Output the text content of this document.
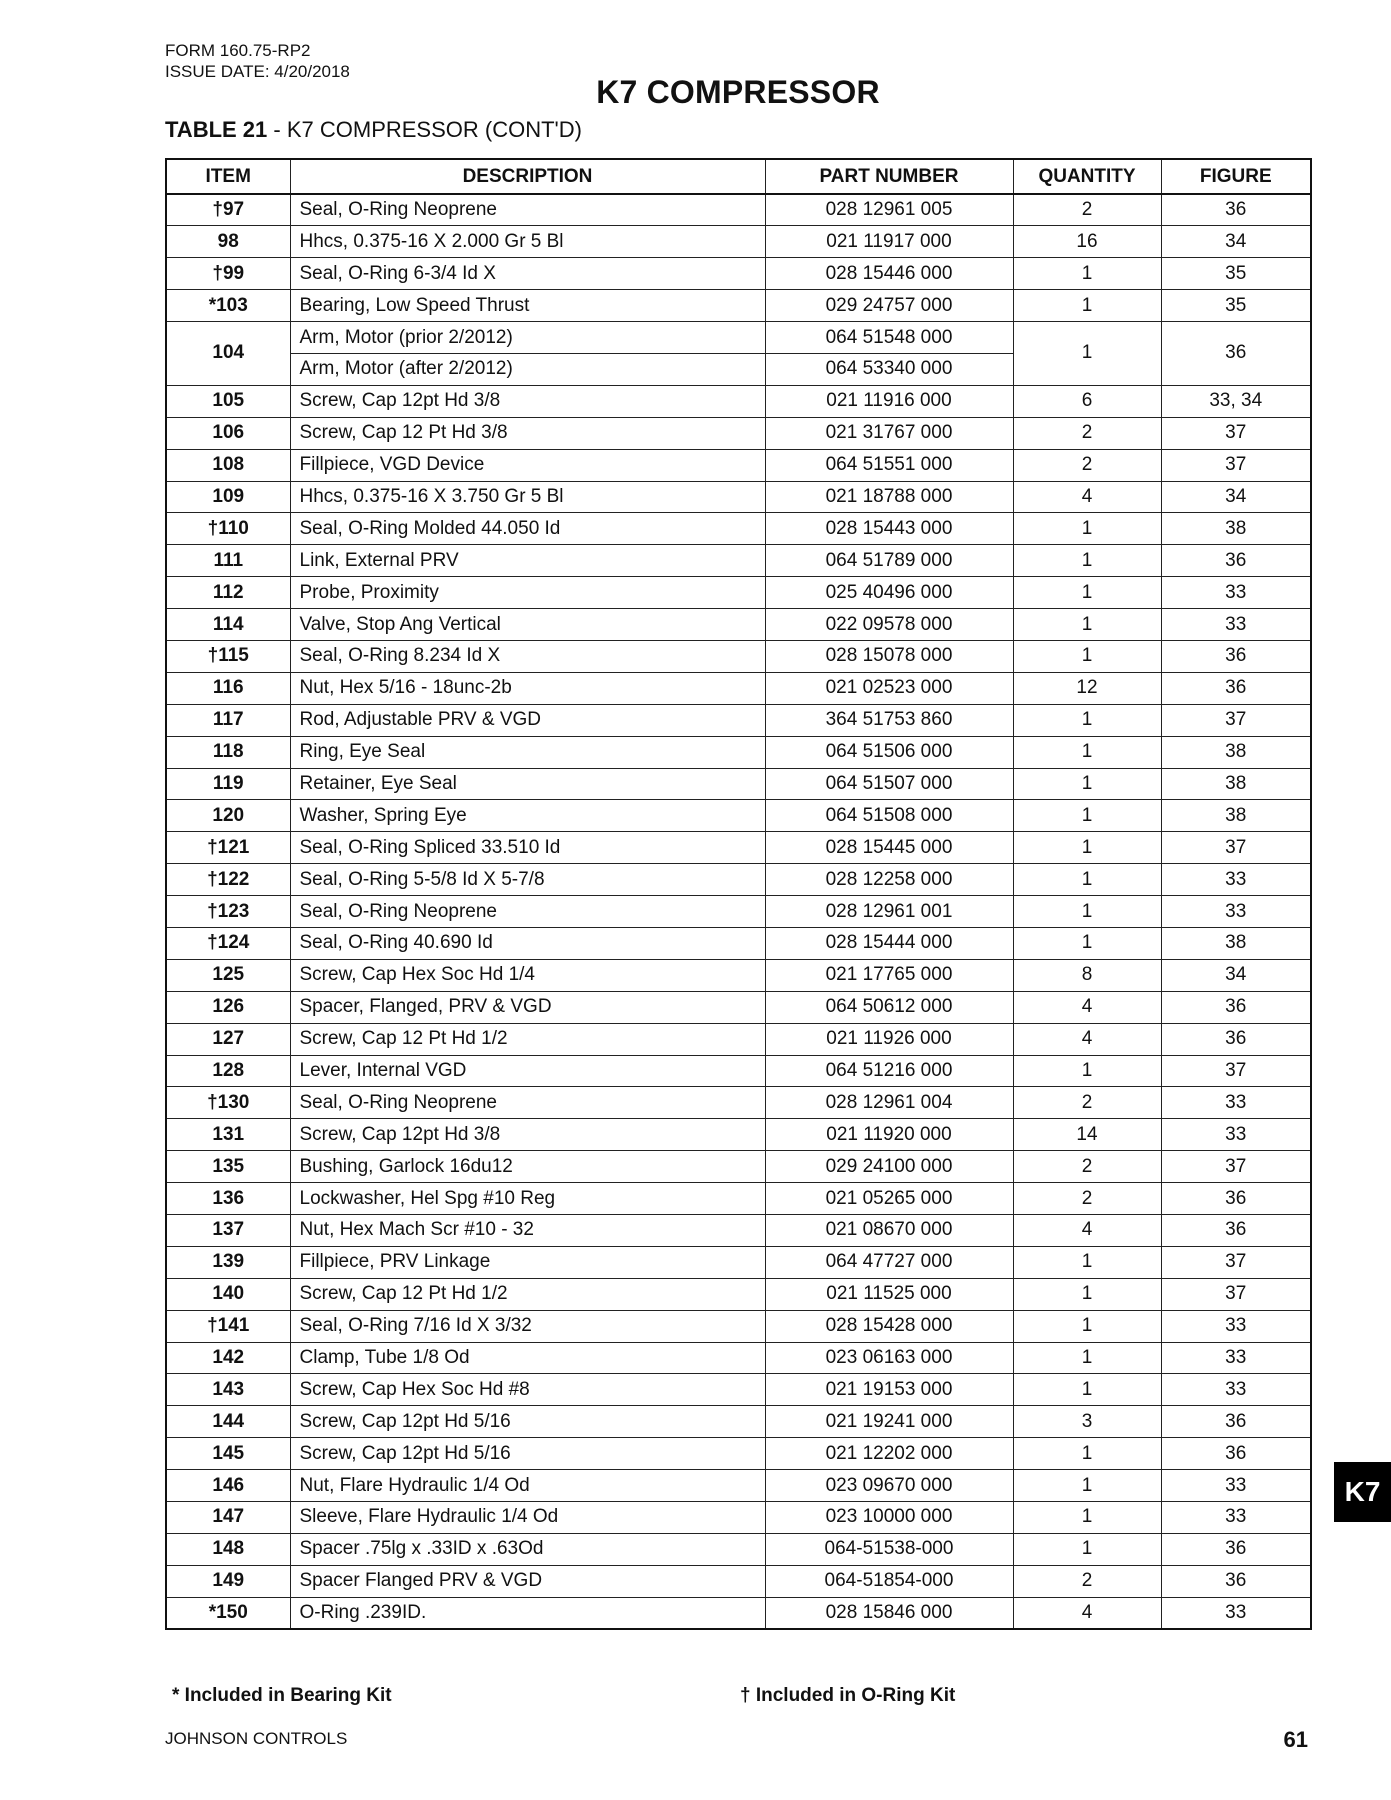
FORM 160.75-RP2
ISSUE DATE: 4/20/2018
K7 COMPRESSOR
TABLE 21 - K7 COMPRESSOR (CONT'D)
ITEM	DESCRIPTION	PART NUMBER	QUANTITY	FIGURE
†97	Seal, O-Ring Neoprene	028 12961 005	2	36
98	Hhcs, 0.375-16 X 2.000 Gr 5 Bl	021 11917 000	16	34
†99	Seal, O-Ring 6-3/4 Id X	028 15446 000	1	35
*103	Bearing, Low Speed Thrust	029 24757 000	1	35
104	Arm, Motor (prior 2/2012)	064 51548 000	1	36
	Arm, Motor (after 2/2012)	064 53340 000		
105	Screw, Cap 12pt Hd 3/8	021 11916 000	6	33, 34
106	Screw, Cap 12 Pt Hd 3/8	021 31767 000	2	37
108	Fillpiece, VGD Device	064 51551 000	2	37
109	Hhcs, 0.375-16 X 3.750 Gr 5 Bl	021 18788 000	4	34
†110	Seal, O-Ring Molded 44.050 Id	028 15443 000	1	38
111	Link, External PRV	064 51789 000	1	36
112	Probe, Proximity	025 40496 000	1	33
114	Valve, Stop Ang Vertical	022 09578 000	1	33
†115	Seal, O-Ring 8.234 Id X	028 15078 000	1	36
116	Nut, Hex 5/16 - 18unc-2b	021 02523 000	12	36
117	Rod, Adjustable PRV & VGD	364 51753 860	1	37
118	Ring, Eye Seal	064 51506 000	1	38
119	Retainer, Eye Seal	064 51507 000	1	38
120	Washer, Spring Eye	064 51508 000	1	38
†121	Seal, O-Ring Spliced 33.510 Id	028 15445 000	1	37
†122	Seal, O-Ring 5-5/8 Id X 5-7/8	028 12258 000	1	33
†123	Seal, O-Ring Neoprene	028 12961 001	1	33
†124	Seal, O-Ring 40.690 Id	028 15444 000	1	38
125	Screw, Cap Hex Soc Hd 1/4	021 17765 000	8	34
126	Spacer, Flanged, PRV & VGD	064 50612 000	4	36
127	Screw, Cap 12 Pt Hd 1/2	021 11926 000	4	36
128	Lever, Internal VGD	064 51216 000	1	37
†130	Seal, O-Ring Neoprene	028 12961 004	2	33
131	Screw, Cap 12pt Hd 3/8	021 11920 000	14	33
135	Bushing, Garlock 16du12	029 24100 000	2	37
136	Lockwasher, Hel Spg #10 Reg	021 05265 000	2	36
137	Nut, Hex Mach Scr #10 - 32	021 08670 000	4	36
139	Fillpiece, PRV Linkage	064 47727 000	1	37
140	Screw, Cap 12 Pt Hd 1/2	021 11525 000	1	37
†141	Seal, O-Ring 7/16 Id X 3/32	028 15428 000	1	33
142	Clamp, Tube 1/8 Od	023 06163 000	1	33
143	Screw, Cap Hex Soc Hd #8	021 19153 000	1	33
144	Screw, Cap 12pt Hd 5/16	021 19241 000	3	36
145	Screw, Cap 12pt Hd 5/16	021 12202 000	1	36
146	Nut, Flare Hydraulic 1/4 Od	023 09670 000	1	33
147	Sleeve, Flare Hydraulic 1/4 Od	023 10000 000	1	33
148	Spacer .75lg x .33ID x .63Od	064-51538-000	1	36
149	Spacer Flanged PRV & VGD	064-51854-000	2	36
*150	O-Ring .239ID.	028 15846 000	4	33
* Included in Bearing Kit	† Included in O-Ring Kit
JOHNSON CONTROLS	61
K7
